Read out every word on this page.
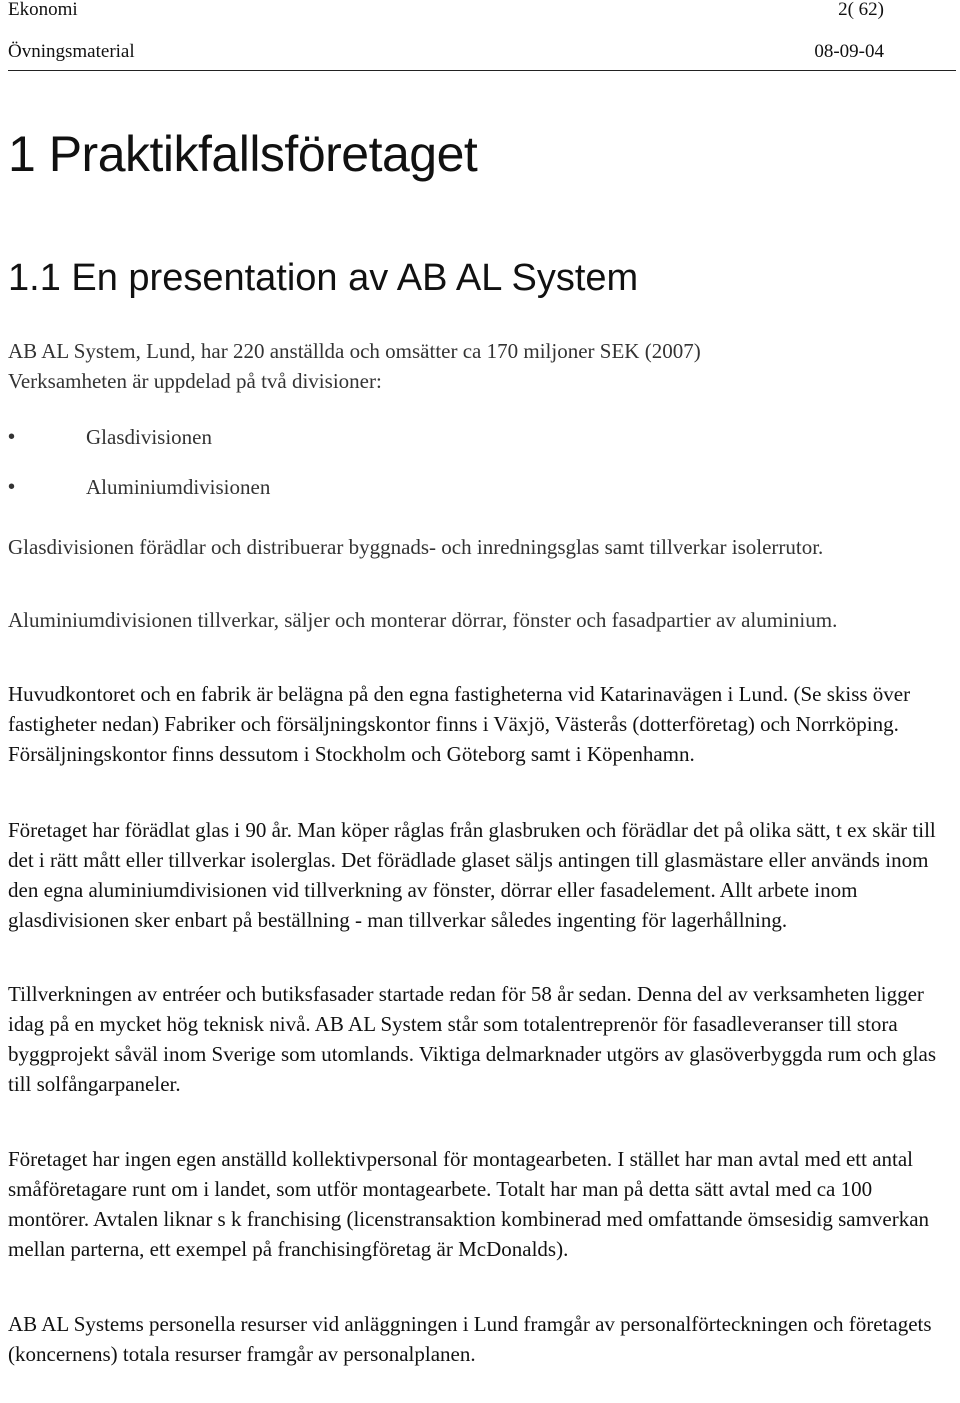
Ekonomi	2( 62)
Övningsmaterial	08-09-04
1 Praktikfallsföretaget
1.1 En presentation av AB AL System

AB AL System, Lund, har 220 anställda och omsätter ca 170 miljoner SEK (2007)

Verksamheten är uppdelad på två divisioner:

•	Glasdivisionen
•	Aluminiumdivisionen

Glasdivisionen förädlar och distribuerar byggnads- och inredningsglas samt tillverkar isolerrutor.

Aluminiumdivisionen tillverkar, säljer och monterar dörrar, fönster och fasadpartier av aluminium.

Huvudkontoret och en fabrik är belägna på den egna fastigheterna vid Katarinavägen i Lund. (Se skiss över fastigheter nedan) Fabriker och försäljningskontor finns i Växjö, Västerås (dotterföretag) och Norrköping. Försäljningskontor finns dessutom i Stockholm och Göteborg samt i Köpenhamn.

Företaget har förädlat glas i 90 år. Man köper råglas från glasbruken och förädlar det på olika sätt, t ex skär till det i rätt mått eller tillverkar isolerglas. Det förädlade glaset säljs antingen till glasmästare eller används inom den egna aluminiumdivisionen vid tillverkning av fönster, dörrar eller fasadelement. Allt arbete inom glasdivisionen sker enbart på beställning - man tillverkar således ingenting för lagerhållning.

Tillverkningen av entréer och butiksfasader startade redan för 58 år sedan. Denna del av verksamheten ligger idag på en mycket hög teknisk nivå. AB AL System står som totalentreprenör för fasadleveranser till stora byggprojekt såväl inom Sverige som utomlands. Viktiga delmarknader utgörs av glasöverbyggda rum och glas till solfångarpaneler.

Företaget har ingen egen anställd kollektivpersonal för montagearbeten. I stället har man avtal med ett antal småföretagare runt om i landet, som utför montagearbete. Totalt har man på detta sätt avtal med ca 100 montörer. Avtalen liknar s k franchising (licenstransaktion kombinerad med omfattande ömsesidig samverkan mellan parterna, ett exempel på franchisingföretag är McDonalds).

AB AL Systems personella resurser vid anläggningen i Lund framgår av personalförteckningen och företagets (koncernens) totala resurser framgår av personalplanen.
